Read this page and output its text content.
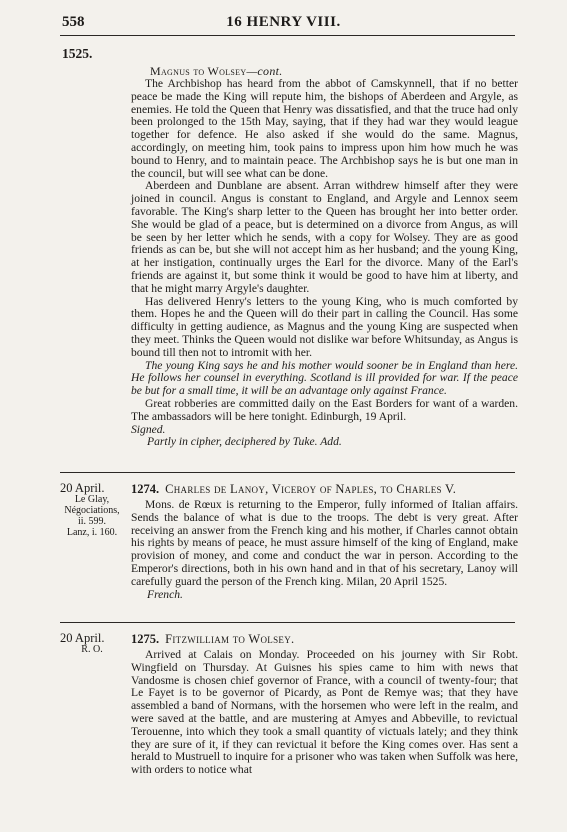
558	16 HENRY VIII.
1525.
Magnus to Wolsey—cont.

The Archbishop has heard from the abbot of Camskynnell, that if no better peace be made the King will repute him, the bishops of Aberdeen and Argyle, as enemies. He told the Queen that Henry was dissatisfied, and that the truce had only been prolonged to the 15th May, saying, that if they had war they would league together for defence. He also asked if she would do the same. Magnus, accordingly, on meeting him, took pains to impress upon him how much he was bound to Henry, and to maintain peace. The Archbishop says he is but one man in the council, but will see what can be done.

Aberdeen and Dunblane are absent. Arran withdrew himself after they were joined in council. Angus is constant to England, and Argyle and Lennox seem favorable. The King's sharp letter to the Queen has brought her into better order. She would be glad of a peace, but is determined on a divorce from Angus, as will be seen by her letter which he sends, with a copy for Wolsey. They are as good friends as can be, but she will not accept him as her husband; and the young King, at her instigation, continually urges the Earl for the divorce. Many of the Earl's friends are against it, but some think it would be good to have him at liberty, and that he might marry Argyle's daughter.

Has delivered Henry's letters to the young King, who is much comforted by them. Hopes he and the Queen will do their part in calling the Council. Has some difficulty in getting audience, as Magnus and the young King are suspected when they meet. Thinks the Queen would not dislike war before Whitsunday, as Angus is bound till then not to intromit with her.

The young King says he and his mother would sooner be in England than here. He follows her counsel in everything. Scotland is ill provided for war. If the peace be but for a small time, it will be an advantage only against France.

Great robberies are committed daily on the East Borders for want of a warden. The ambassadors will be here tonight. Edinburgh, 19 April.

Signed.

Partly in cipher, deciphered by Tuke. Add.

20 April.
Le Glay,
Négociations,
ii. 599.
Lanz, i. 160.
1274. Charles de Lanoy, Viceroy of Naples, to Charles V.

Mons. de Rœux is returning to the Emperor, fully informed of Italian affairs. Sends the balance of what is due to the troops. The debt is very great. After receiving an answer from the French king and his mother, if Charles cannot obtain his rights by means of peace, he must assure himself of the king of England, make provision of money, and come and conduct the war in person. According to the Emperor's directions, both in his own hand and in that of his secretary, Lanoy will carefully guard the person of the French king. Milan, 20 April 1525.

French.

20 April.
R. O.
1275. Fitzwilliam to Wolsey.

Arrived at Calais on Monday. Proceeded on his journey with Sir Robt. Wingfield on Thursday. At Guisnes his spies came to him with news that Vandosme is chosen chief governor of France, with a council of twenty-four; that Le Fayet is to be governor of Picardy, as Pont de Remye was; that they have assembled a band of Normans, with the horsemen who were left in the realm, and were saved at the battle, and are mustering at Amyes and Abbeville, to revictual Terouenne, into which they took a small quantity of victuals lately; and they think they are sure of it, if they can revictual it before the King comes over. Has sent a herald to Mustruell to inquire for a prisoner who was taken when Suffolk was here, with orders to notice what
